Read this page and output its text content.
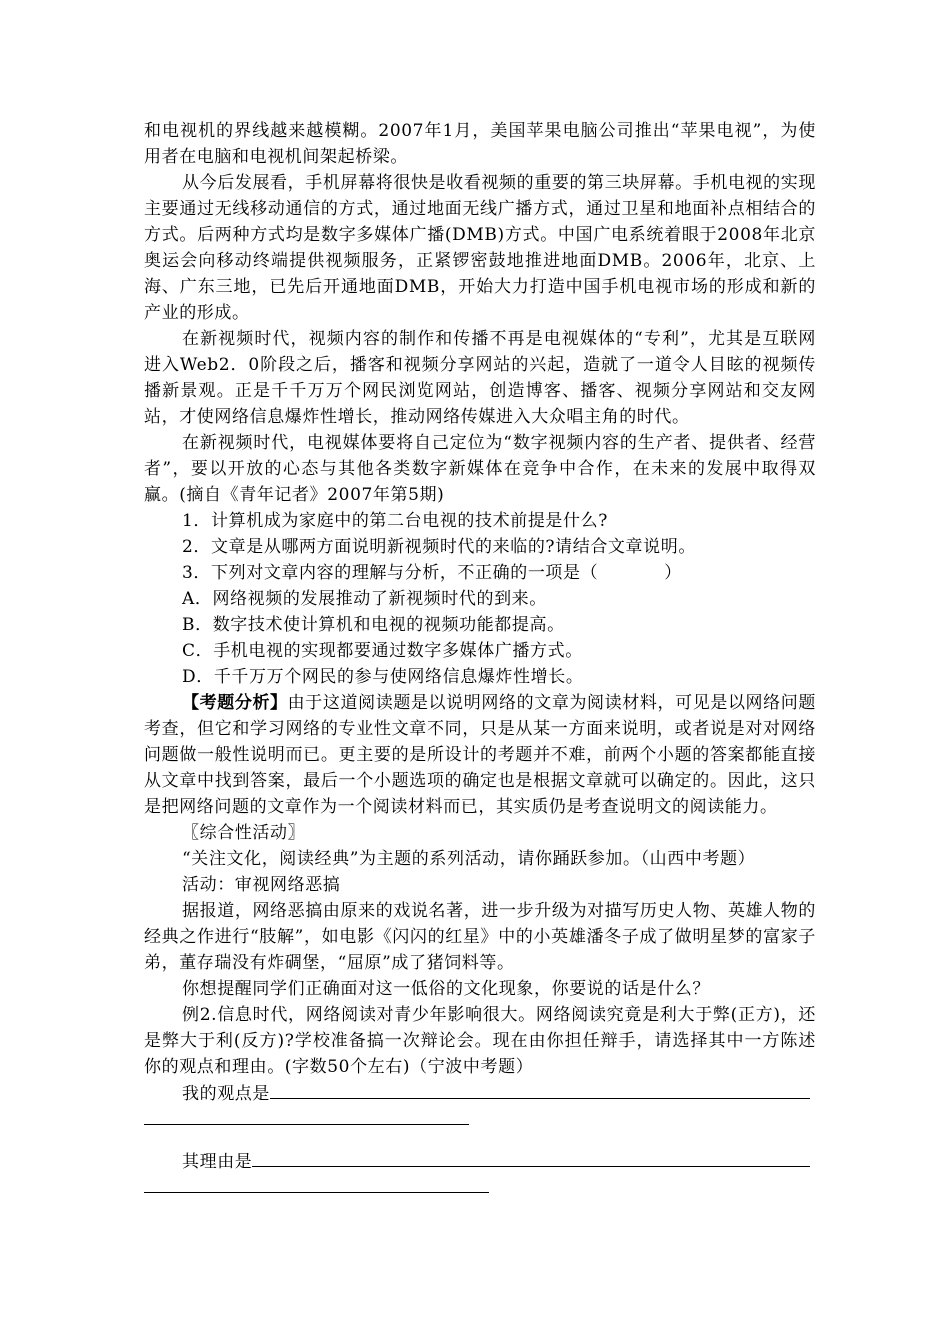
和电视机的界线越来越模糊。2007年1月，美国苹果电脑公司推出“苹果电视”，为使用者在电脑和电视机间架起桥梁。

从今后发展看，手机屏幕将很快是收看视频的重要的第三块屏幕。手机电视的实现主要通过无线移动通信的方式，通过地面无线广播方式，通过卫星和地面补点相结合的方式。后两种方式均是数字多媒体广播(DMB)方式。中国广电系统着眼于2008年北京奥运会向移动终端提供视频服务，正紧锣密鼓地推进地面DMB。2006年，北京、上海、广东三地，已先后开通地面DMB，开始大力打造中国手机电视市场的形成和新的产业的形成。

在新视频时代，视频内容的制作和传播不再是电视媒体的“专利”，尤其是互联网进入Web2．0阶段之后，播客和视频分享网站的兴起，造就了一道令人目眩的视频传播新景观。正是千千万万个网民浏览网站，创造博客、播客、视频分享网站和交友网站，才使网络信息爆炸性增长，推动网络传媒进入大众唱主角的时代。

在新视频时代，电视媒体要将自己定位为“数字视频内容的生产者、提供者、经营者”，要以开放的心态与其他各类数字新媒体在竞争中合作，在未来的发展中取得双赢。(摘自《青年记者》2007年第5期)

1．计算机成为家庭中的第二台电视的技术前提是什么?

2．文章是从哪两方面说明新视频时代的来临的?请结合文章说明。

3．下列对文章内容的理解与分析，不正确的一项是（	）

A．网络视频的发展推动了新视频时代的到来。

B．数字技术使计算机和电视的视频功能都提高。

C．手机电视的实现都要通过数字多媒体广播方式。

D．千千万万个网民的参与使网络信息爆炸性增长。

【考题分析】由于这道阅读题是以说明网络的文章为阅读材料，可见是以网络问题考查，但它和学习网络的专业性文章不同，只是从某一方面来说明，或者说是对对网络问题做一般性说明而已。更主要的是所设计的考题并不难，前两个小题的答案都能直接从文章中找到答案，最后一个小题选项的确定也是根据文章就可以确定的。因此，这只是把网络问题的文章作为一个阅读材料而已，其实质仍是考查说明文的阅读能力。

〖综合性活动〗

“关注文化，阅读经典”为主题的系列活动，请你踊跃参加。（山西中考题）

活动：审视网络恶搞

据报道，网络恶搞由原来的戏说名著，进一步升级为对描写历史人物、英雄人物的经典之作进行“肢解”，如电影《闪闪的红星》中的小英雄潘冬子成了做明星梦的富家子弟，董存瑞没有炸碉堡，“屈原”成了猪饲料等。

你想提醒同学们正确面对这一低俗的文化现象，你要说的话是什么？

例2.信息时代，网络阅读对青少年影响很大。网络阅读究竟是利大于弊(正方)，还是弊大于利(反方)?学校准备搞一次辩论会。现在由你担任辩手，请选择其中一方陈述你的观点和理由。(字数50个左右)（宁波中考题）

我的观点是

其理由是
